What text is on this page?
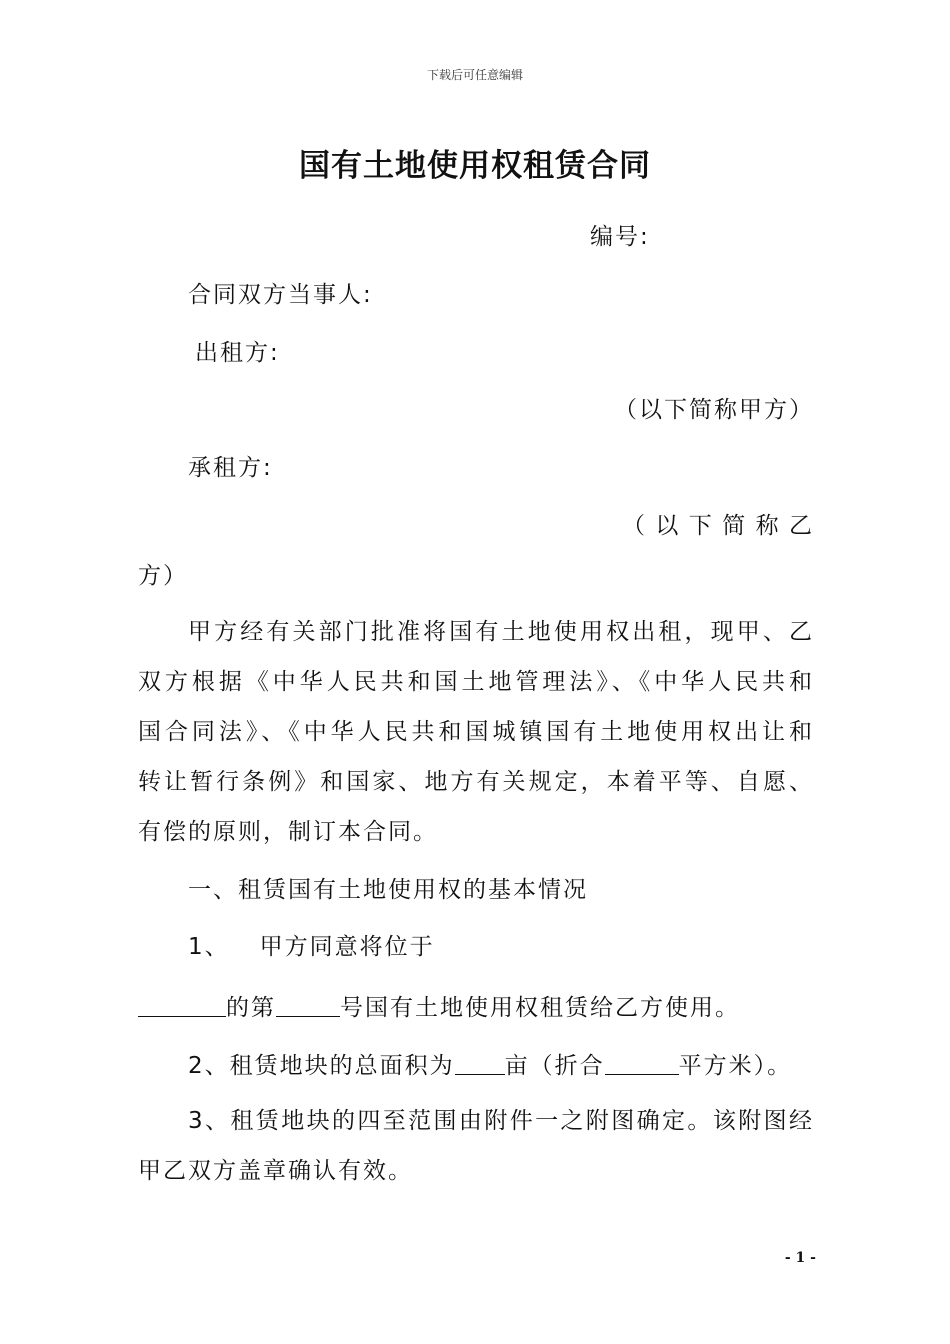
下载后可任意编辑
国有土地使用权租赁合同
编号:
合同双方当事人:
出租方:
（以下简称甲方）
承租方:
（以下简称乙
方）
甲方经有关部门批准将国有土地使用权出租，现甲、乙
双方根据《中华人民共和国土地管理法》、《中华人民共和
国合同法》、《中华人民共和国城镇国有土地使用权出让和
转让暂行条例》和国家、地方有关规定，本着平等、自愿、
有偿的原则，制订本合同。
一、租赁国有土地使用权的基本情况
1、 甲方同意将位于
的第	号国有土地使用权租赁给乙方使用。
2、租赁地块的总面积为 亩（折合	平方米）。
3、租赁地块的四至范围由附件一之附图确定。该附图经
甲乙双方盖章确认有效。
- 1 -
